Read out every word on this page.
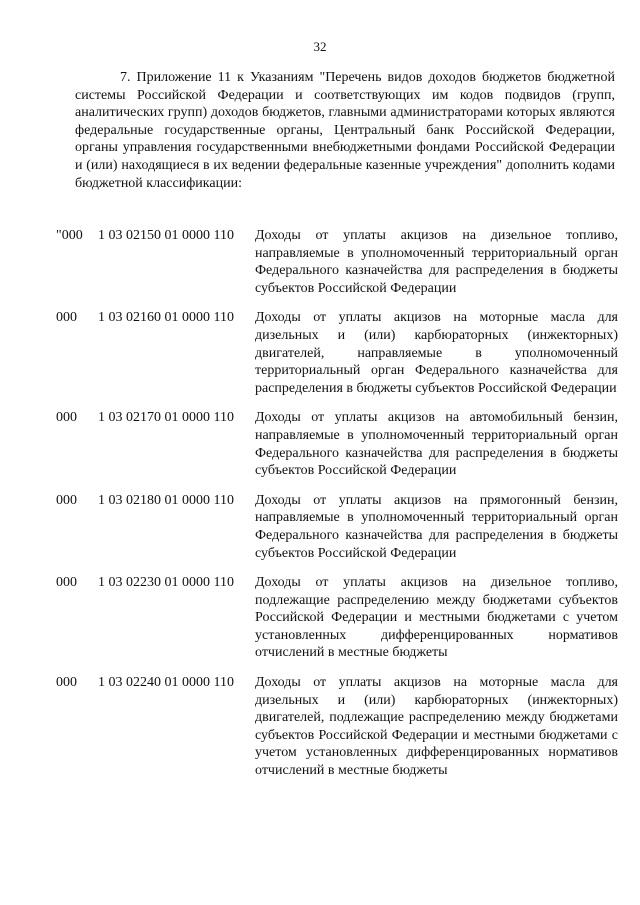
32

7. Приложение 11 к Указаниям "Перечень видов доходов бюджетов бюджетной системы Российской Федерации и соответствующих им кодов подвидов (групп, аналитических групп) доходов бюджетов, главными администраторами которых являются федеральные государственные органы, Центральный банк Российской Федерации, органы управления государственными внебюджетными фондами Российской Федерации и (или) находящиеся в их ведении федеральные казенные учреждения" дополнить кодами бюджетной классификации:

"000	1 03 02150 01 0000 110	Доходы от уплаты акцизов на дизельное топливо, направляемые в уполномоченный территориальный орган Федерального казначейства для распределения в бюджеты субъектов Российской Федерации
000	1 03 02160 01 0000 110	Доходы от уплаты акцизов на моторные масла для дизельных и (или) карбюраторных (инжекторных) двигателей, направляемые в уполномоченный территориальный орган Федерального казначейства для распределения в бюджеты субъектов Российской Федерации
000	1 03 02170 01 0000 110	Доходы от уплаты акцизов на автомобильный бензин, направляемые в уполномоченный территориальный орган Федерального казначейства для распределения в бюджеты субъектов Российской Федерации
000	1 03 02180 01 0000 110	Доходы от уплаты акцизов на прямогонный бензин, направляемые в уполномоченный территориальный орган Федерального казначейства для распределения в бюджеты субъектов Российской Федерации
000	1 03 02230 01 0000 110	Доходы от уплаты акцизов на дизельное топливо, подлежащие распределению между бюджетами субъектов Российской Федерации и местными бюджетами с учетом установленных дифференцированных нормативов отчислений в местные бюджеты
000	1 03 02240 01 0000 110	Доходы от уплаты акцизов на моторные масла для дизельных и (или) карбюраторных (инжекторных) двигателей, подлежащие распределению между бюджетами субъектов Российской Федерации и местными бюджетами с учетом установленных дифференцированных нормативов отчислений в местные бюджеты
